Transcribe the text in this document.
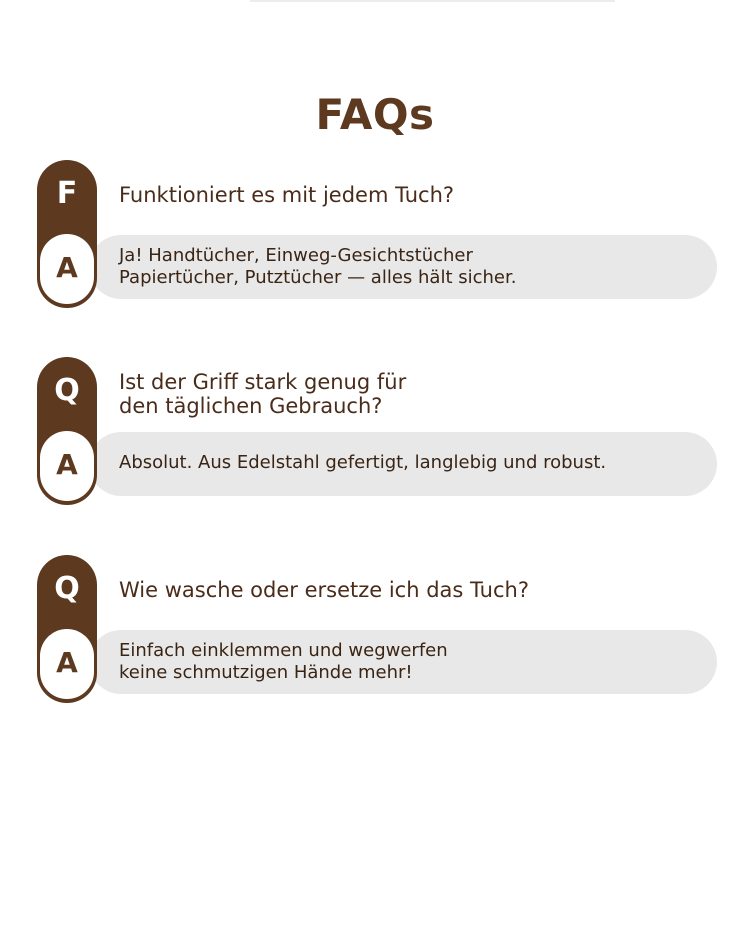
FAQs
F
A
Funktioniert es mit jedem Tuch?
Ja! Handtücher, Einweg-Gesichtstücher
Papiertücher, Putztücher — alles hält sicher.
Q
A
Ist der Griff stark genug für
den täglichen Gebrauch?
Absolut. Aus Edelstahl gefertigt, langlebig und robust.
Q
A
Wie wasche oder ersetze ich das Tuch?
Einfach einklemmen und wegwerfen
keine schmutzigen Hände mehr!
